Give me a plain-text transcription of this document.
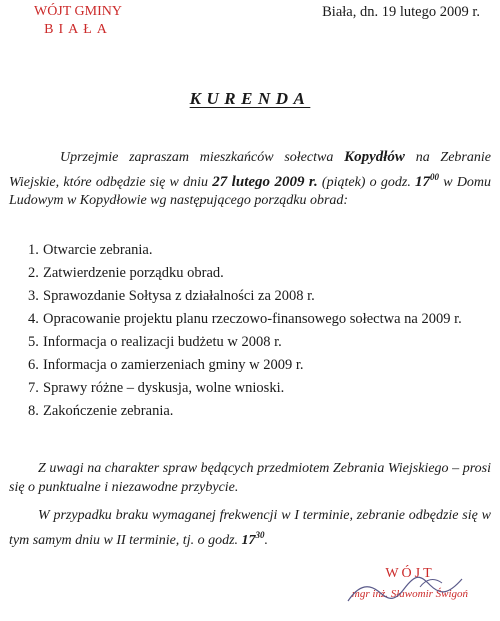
WÓJT GMINY
BIAŁA
Biała, dn. 19 lutego 2009 r.
KURENDA
Uprzejmie zapraszam mieszkańców sołectwa Kopydłów na Zebranie Wiejskie, które odbędzie się w dniu 27 lutego 2009 r. (piątek) o godz. $17^{00}$ w Domu Ludowym w Kopydłowie wg następującego porządku obrad:
1. Otwarcie zebrania.
2. Zatwierdzenie porządku obrad.
3. Sprawozdanie Sołtysa z działalności za 2008 r.
4. Opracowanie projektu planu rzeczowo-finansowego sołectwa na 2009 r.
5. Informacja o realizacji budżetu w 2008 r.
6. Informacja o zamierzeniach gminy w 2009 r.
7. Sprawy różne – dyskusja, wolne wnioski.
8. Zakończenie zebrania.
Z uwagi na charakter spraw będących przedmiotem Zebrania Wiejskiego – prosi się o punktualne i niezawodne przybycie.
W przypadku braku wymaganej frekwencji w I terminie, zebranie odbędzie się w tym samym dniu w II terminie, tj. o godz. $17^{30}$.
WÓJT
mgr inż. Sławomir Świgoń
